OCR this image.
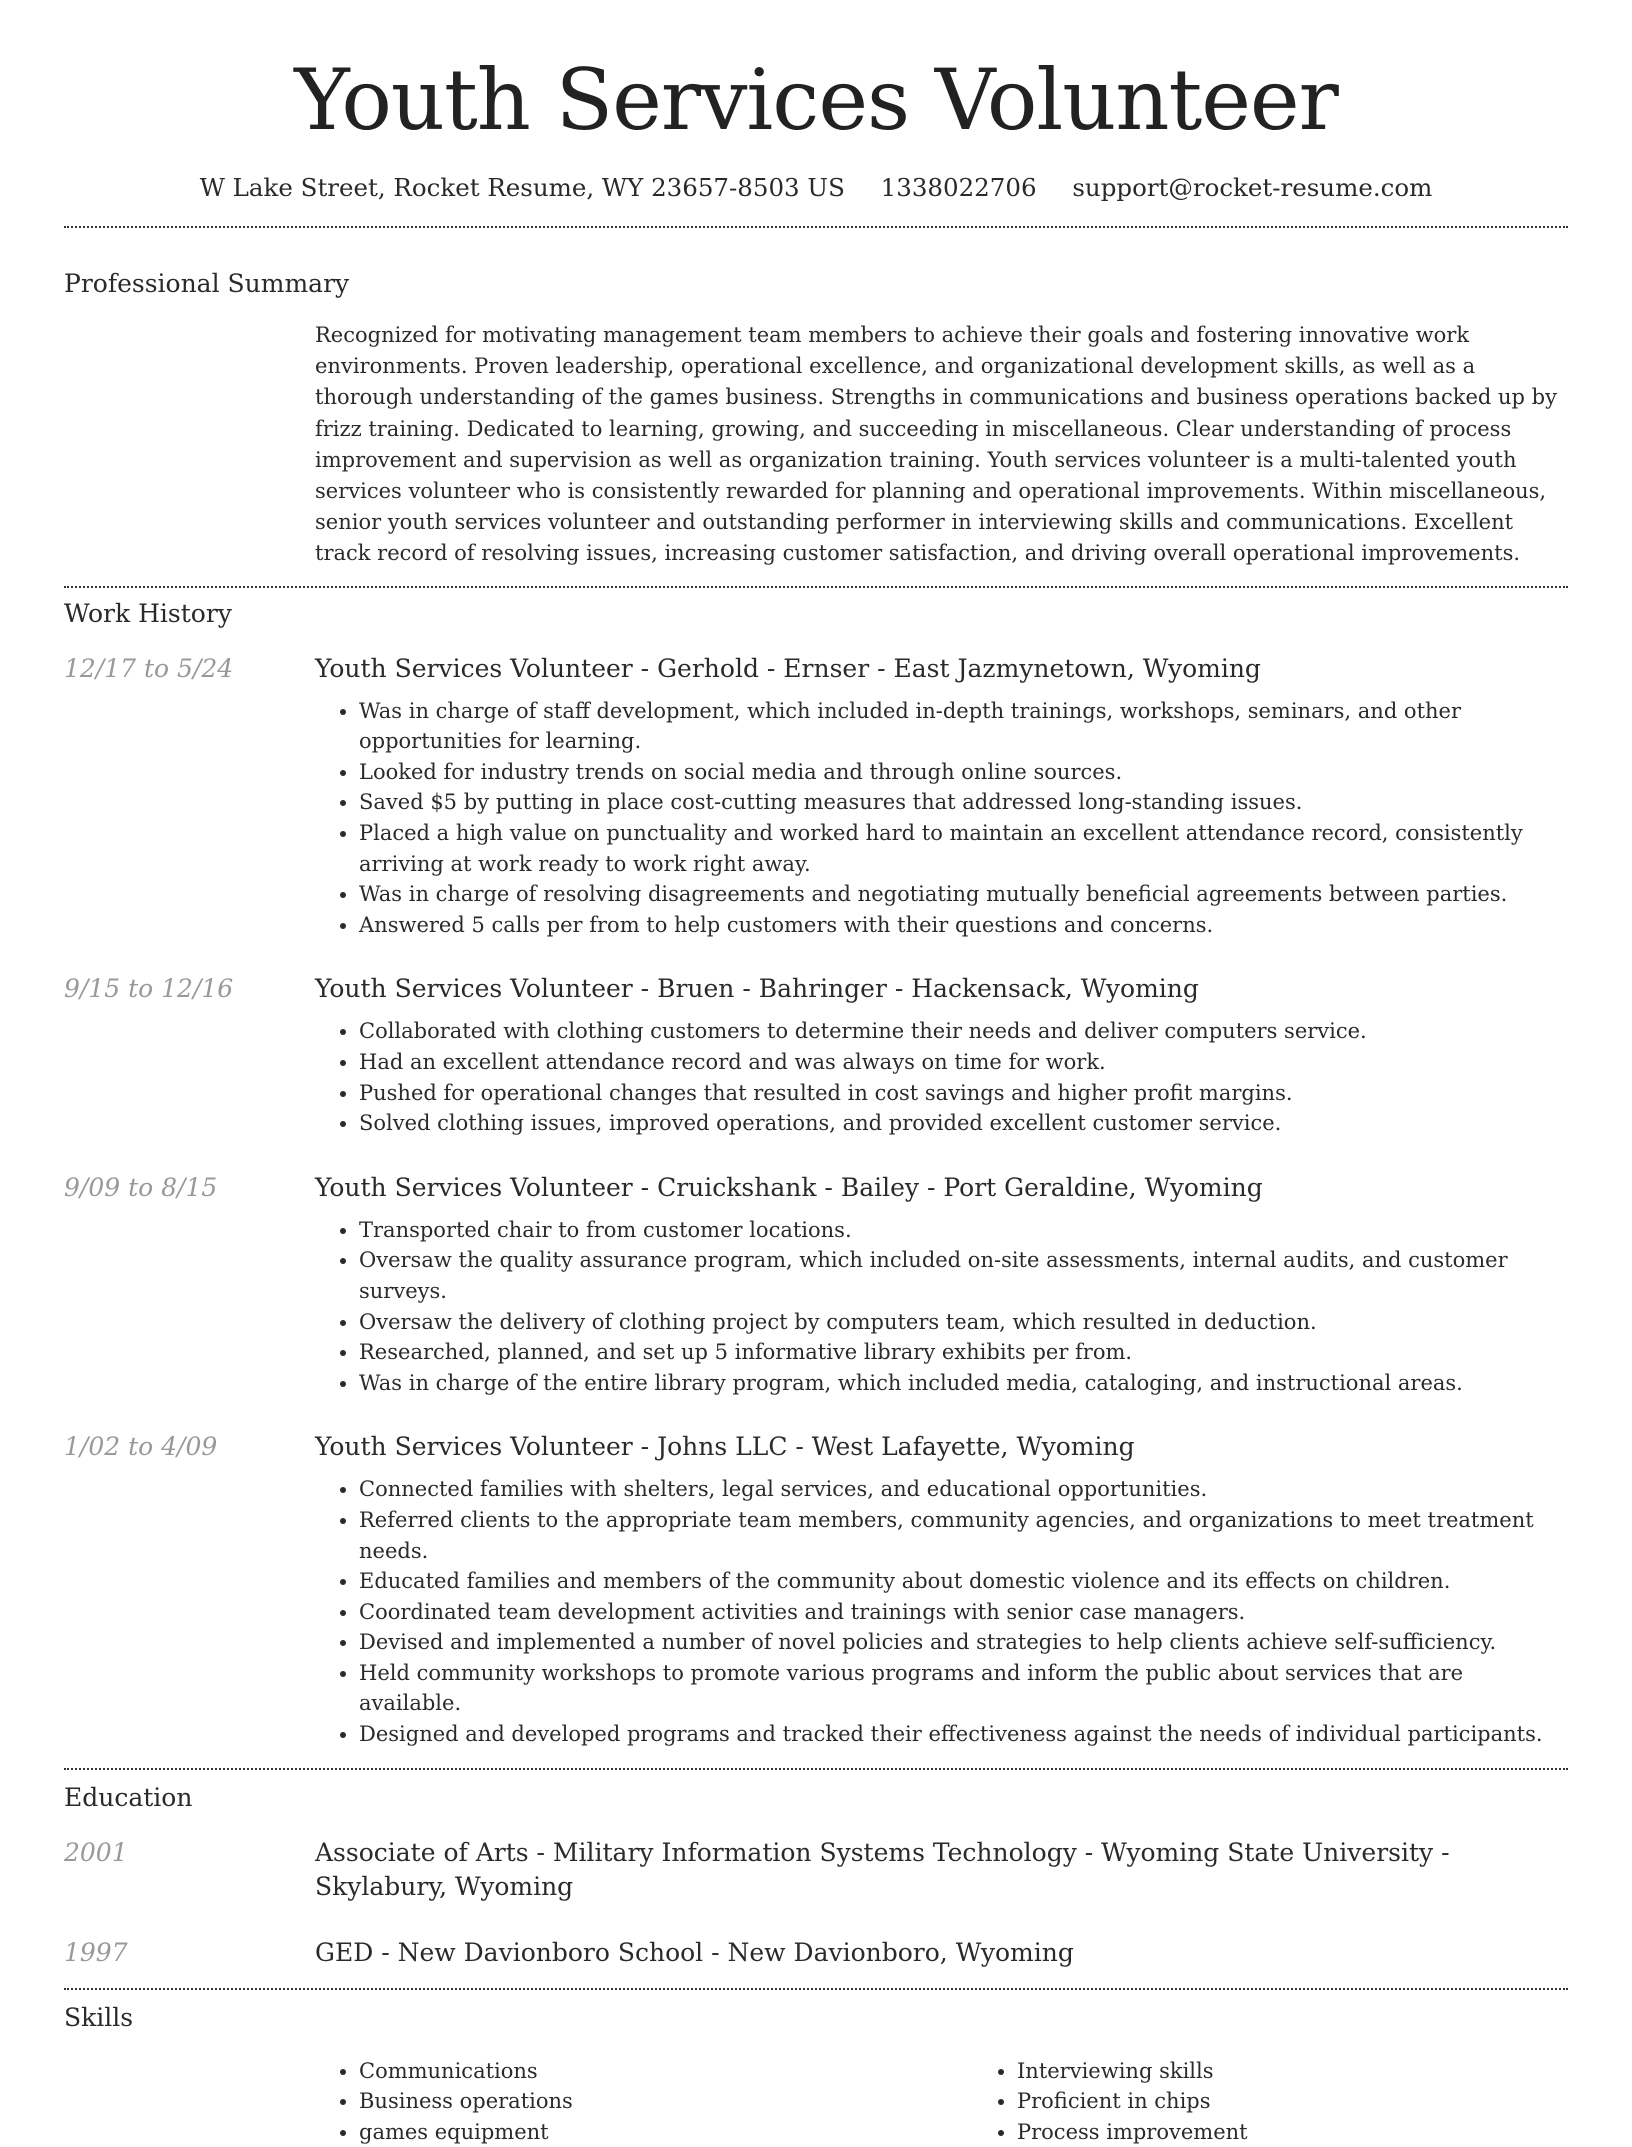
Youth Services Volunteer
W Lake Street, Rocket Resume, WY 23657-8503 US 1338022706 support@rocket-resume.com
Professional Summary
Recognized for motivating management team members to achieve their goals and fostering innovative work environments. Proven leadership, operational excellence, and organizational development skills, as well as a thorough understanding of the games business. Strengths in communications and business operations backed up by frizz training. Dedicated to learning, growing, and succeeding in miscellaneous. Clear understanding of process improvement and supervision as well as organization training. Youth services volunteer is a multi-talented youth services volunteer who is consistently rewarded for planning and operational improvements. Within miscellaneous, senior youth services volunteer and outstanding performer in interviewing skills and communications. Excellent track record of resolving issues, increasing customer satisfaction, and driving overall operational improvements.
Work History
12/17 to 5/24	Youth Services Volunteer - Gerhold - Ernser - East Jazmynetown, Wyoming
• Was in charge of staff development, which included in-depth trainings, workshops, seminars, and other opportunities for learning.
• Looked for industry trends on social media and through online sources.
• Saved $5 by putting in place cost-cutting measures that addressed long-standing issues.
• Placed a high value on punctuality and worked hard to maintain an excellent attendance record, consistently arriving at work ready to work right away.
• Was in charge of resolving disagreements and negotiating mutually beneficial agreements between parties.
• Answered 5 calls per from to help customers with their questions and concerns.
9/15 to 12/16	Youth Services Volunteer - Bruen - Bahringer - Hackensack, Wyoming
• Collaborated with clothing customers to determine their needs and deliver computers service.
• Had an excellent attendance record and was always on time for work.
• Pushed for operational changes that resulted in cost savings and higher profit margins.
• Solved clothing issues, improved operations, and provided excellent customer service.
9/09 to 8/15	Youth Services Volunteer - Cruickshank - Bailey - Port Geraldine, Wyoming
• Transported chair to from customer locations.
• Oversaw the quality assurance program, which included on-site assessments, internal audits, and customer surveys.
• Oversaw the delivery of clothing project by computers team, which resulted in deduction.
• Researched, planned, and set up 5 informative library exhibits per from.
• Was in charge of the entire library program, which included media, cataloging, and instructional areas.
1/02 to 4/09	Youth Services Volunteer - Johns LLC - West Lafayette, Wyoming
• Connected families with shelters, legal services, and educational opportunities.
• Referred clients to the appropriate team members, community agencies, and organizations to meet treatment needs.
• Educated families and members of the community about domestic violence and its effects on children.
• Coordinated team development activities and trainings with senior case managers.
• Devised and implemented a number of novel policies and strategies to help clients achieve self-sufficiency.
• Held community workshops to promote various programs and inform the public about services that are available.
• Designed and developed programs and tracked their effectiveness against the needs of individual participants.
Education
2001	Associate of Arts - Military Information Systems Technology - Wyoming State University - Skylabury, Wyoming
1997	GED - New Davionboro School - New Davionboro, Wyoming
Skills
• Communications
• Business operations
• games equipment
• Interviewing skills
• Proficient in chips
• Process improvement
